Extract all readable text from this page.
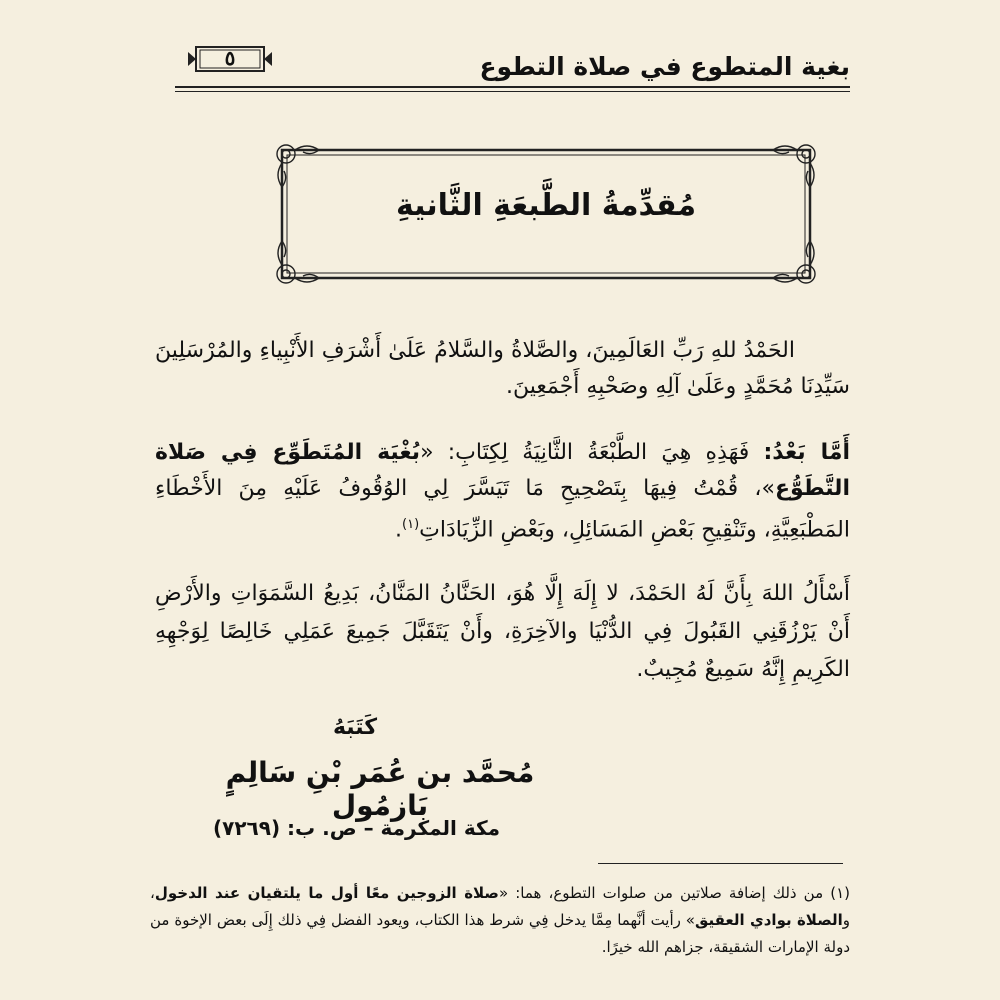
بغية المتطوع في صلاة التطوع
٥
مُقدِّمةُ الطَّبعَةِ الثَّانيةِ
الحَمْدُ للهِ رَبِّ العَالَمِينَ، والصَّلاةُ والسَّلامُ عَلَىٰ أَشْرَفِ الأَنْبِياءِ والمُرْسَلِينَ سَيِّدِنَا مُحَمَّدٍ وعَلَىٰ آلِهِ وصَحْبِهِ أَجْمَعِينَ.
أَمَّا بَعْدُ: فَهَذِهِ هِيَ الطَّبْعَةُ الثَّانِيَةُ لِكِتَابِ: «بُغْيَة المُتَطَوِّع فِي صَلاة التَّطَوُّع»، قُمْتُ فِيهَا بِتَصْحِيحِ مَا تَيَسَّرَ لِي الوُقُوفُ عَلَيْهِ مِنَ الأَخْطَاءِ المَطْبَعِيَّةِ، وتَنْقِيحِ بَعْضِ المَسَائِلِ، وبَعْضِ الزِّيَادَاتِ$^{(١)}$.
أَسْأَلُ اللهَ بِأَنَّ لَهُ الحَمْدَ، لا إِلَهَ إِلَّا هُوَ، الحَنَّانُ المَنَّانُ، بَدِيعُ السَّمَوَاتِ والأَرْضِ أَنْ يَرْزُقَنِي القَبُولَ فِي الدُّنْيَا والآخِرَةِ، وأَنْ يَتَقَبَّلَ جَمِيعَ عَمَلِي خَالِصًا لِوَجْهِهِ الكَرِيمِ إِنَّهُ سَمِيعٌ مُجِيبٌ.
كَتَبَهُ
مُحمَّد بن عُمَر بْنِ سَالِمٍ بَازمُول
مكة المكرمة – ص. ب: (٧٢٦٩)
(١) من ذلك إضافة صلاتين من صلوات التطوع، هما: «صلاة الزوجين معًا أول ما يلتقيان عند الدخول، والصلاة بوادي العقيق» رأيت أنَّهما مِمَّا يدخل فِي شرط هذا الكتاب، ويعود الفضل فِي ذلك إِلَى بعض الإخوة من دولة الإمارات الشقيقة، جزاهم الله خيرًا.
